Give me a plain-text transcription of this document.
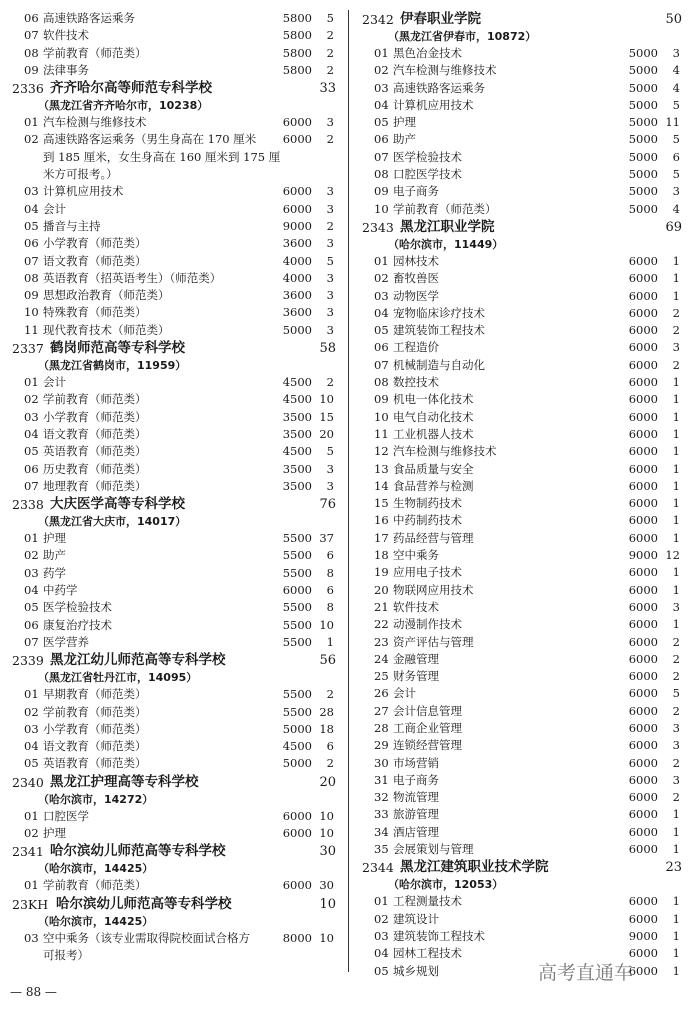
06 高速铁路客运乘务	5800 5
07 软件技术	5800 2
08 学前教育（师范类）	5800 2
09 法律事务	5800 2
2336 齐齐哈尔高等师范专科学校	33
（黑龙江省齐齐哈尔市，10238）
01 汽车检测与维修技术	6000 3
02 高速铁路客运乘务（男生身高在 170 厘米 6000 2
到 185 厘米，女生身高在 160 厘米到 175 厘
米方可报考。）
03 计算机应用技术	6000 3
04 会计	6000 3
05 播音与主持	9000 2
06 小学教育（师范类）	3600 3
07 语文教育（师范类）	4000 5
08 英语教育（招英语考生）（师范类）	4000 3
09 思想政治教育（师范类）	3600 3
10 特殊教育（师范类）	3600 3
11 现代教育技术（师范类）	5000 3
2337 鹤岗师范高等专科学校	58
（黑龙江省鹤岗市，11959）
01 会计	4500 2
02 学前教育（师范类）	4500 10
03 小学教育（师范类）	3500 15
04 语文教育（师范类）	3500 20
05 英语教育（师范类）	4500 5
06 历史教育（师范类）	3500 3
07 地理教育（师范类）	3500 3
2338 大庆医学高等专科学校	76
（黑龙江省大庆市，14017）
01 护理	5500 37
02 助产	5500 6
03 药学	5500 8
04 中药学	6000 6
05 医学检验技术	5500 8
06 康复治疗技术	5500 10
07 医学营养	5500 1
2339 黑龙江幼儿师范高等专科学校	56
（黑龙江省牡丹江市，14095）
01 早期教育（师范类）	5500 2
02 学前教育（师范类）	5500 28
03 小学教育（师范类）	5000 18
04 语文教育（师范类）	4500 6
05 英语教育（师范类）	5000 2
2340 黑龙江护理高等专科学校	20
（哈尔滨市，14272）
01 口腔医学	6000 10
02 护理	6000 10
2341 哈尔滨幼儿师范高等专科学校	30
（哈尔滨市，14425）
01 学前教育（师范类）	6000 30
23KH 哈尔滨幼儿师范高等专科学校	10
（哈尔滨市，14425）
03 空中乘务（该专业需取得院校面试合格方	8000 10
可报考）
2342 伊春职业学院	50
（黑龙江省伊春市，10872）
01 黑色冶金技术	5000 3
02 汽车检测与维修技术	5000 4
03 高速铁路客运乘务	5000 4
04 计算机应用技术	5000 5
05 护理	5000 11
06 助产	5000 5
07 医学检验技术	5000 6
08 口腔医学技术	5000 5
09 电子商务	5000 3
10 学前教育（师范类）	5000 4
2343 黑龙江职业学院	69
（哈尔滨市，11449）
01 园林技术	6000 1
02 畜牧兽医	6000 1
03 动物医学	6000 1
04 宠物临床诊疗技术	6000 2
05 建筑装饰工程技术	6000 2
06 工程造价	6000 3
07 机械制造与自动化	6000 2
08 数控技术	6000 1
09 机电一体化技术	6000 1
10 电气自动化技术	6000 1
11 工业机器人技术	6000 1
12 汽车检测与维修技术	6000 1
13 食品质量与安全	6000 1
14 食品营养与检测	6000 1
15 生物制药技术	6000 1
16 中药制药技术	6000 1
17 药品经营与管理	6000 1
18 空中乘务	9000 12
19 应用电子技术	6000 1
20 物联网应用技术	6000 1
21 软件技术	6000 3
22 动漫制作技术	6000 1
23 资产评估与管理	6000 2
24 金融管理	6000 2
25 财务管理	6000 2
26 会计	6000 5
27 会计信息管理	6000 2
28 工商企业管理	6000 3
29 连锁经营管理	6000 3
30 市场营销	6000 2
31 电子商务	6000 3
32 物流管理	6000 2
33 旅游管理	6000 1
34 酒店管理	6000 1
35 会展策划与管理	6000 1
2344 黑龙江建筑职业技术学院	23
（哈尔滨市，12053）
01 工程测量技术	6000 1
02 建筑设计	6000 1
03 建筑装饰工程技术	9000 1
04 园林工程技术	6000 1
05 城乡规划	6000 1
— 88 —
高考直通车
